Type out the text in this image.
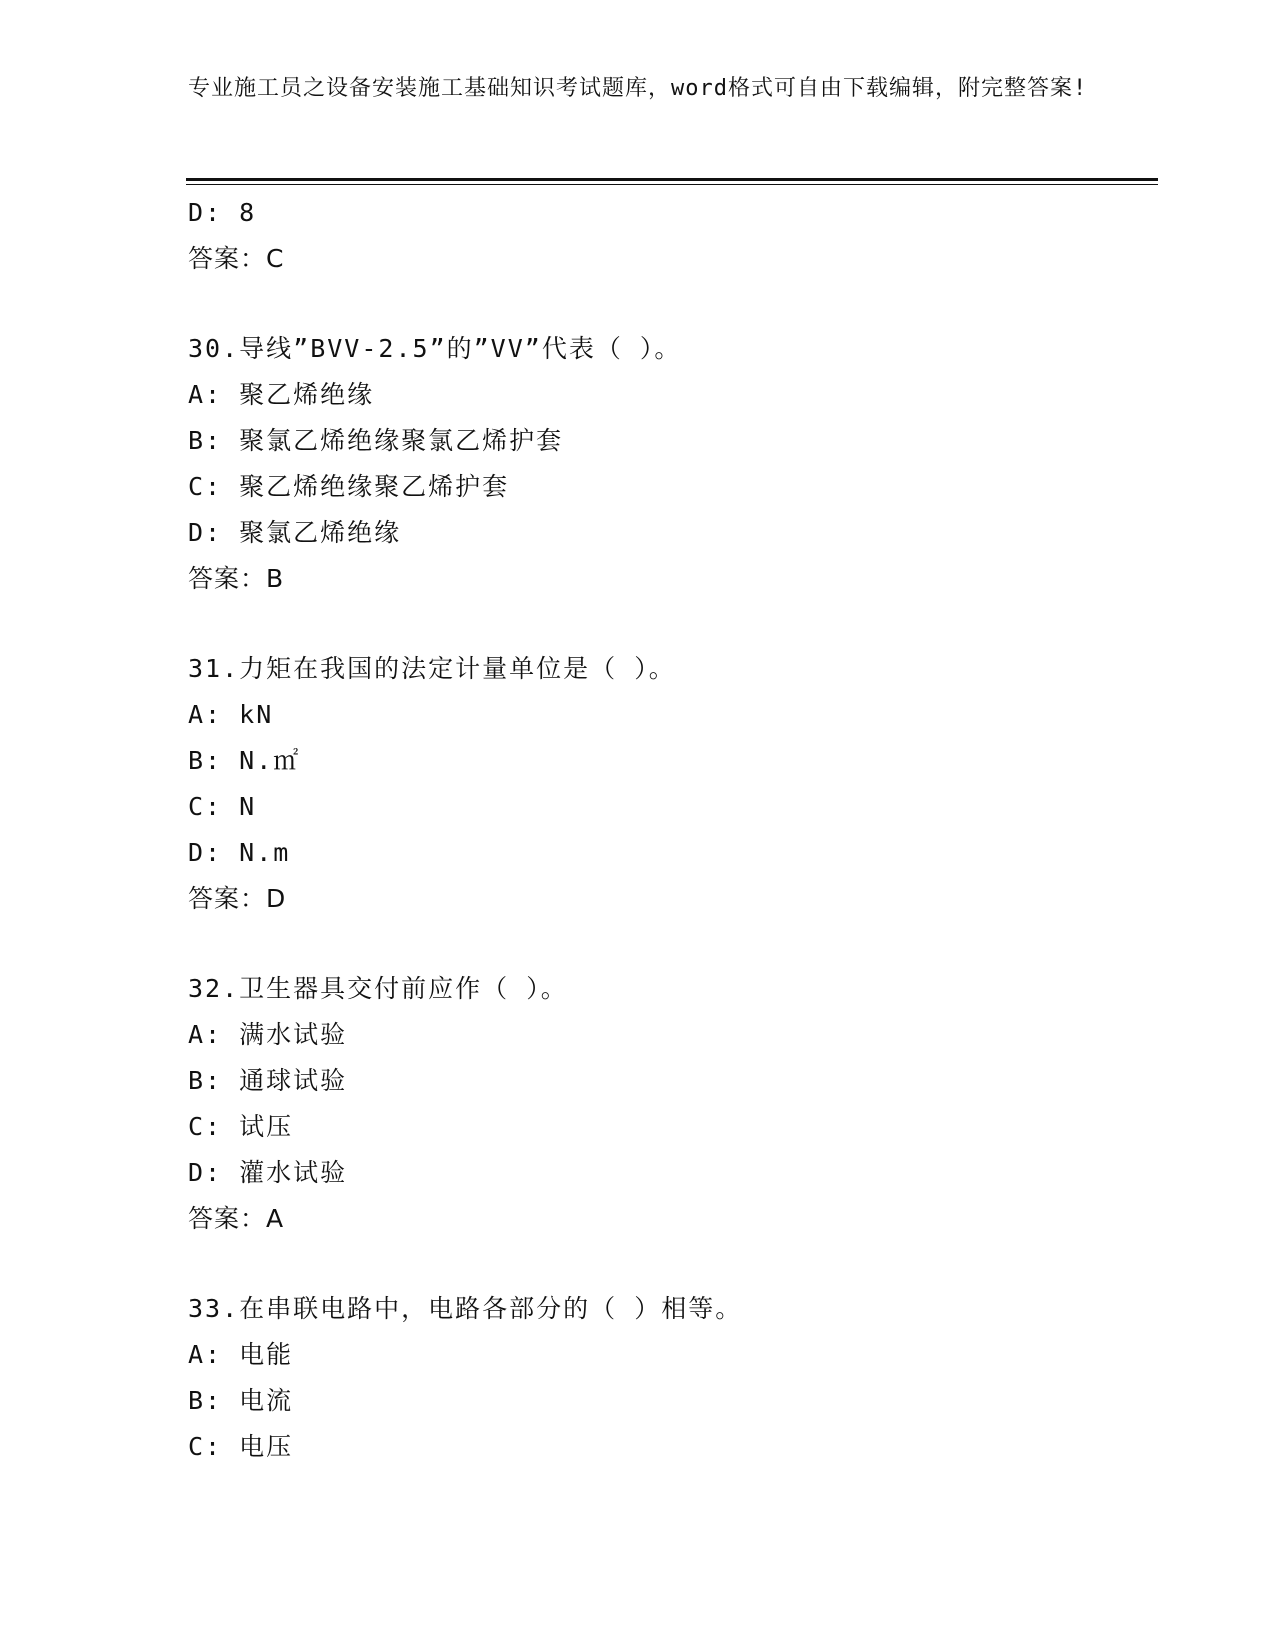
专业施工员之设备安装施工基础知识考试题库，word格式可自由下载编辑，附完整答案!
D: 8
答案：C
30.导线”BVV-2.5”的”VV”代表（ ）。
A: 聚乙烯绝缘
B: 聚氯乙烯绝缘聚氯乙烯护套
C: 聚乙烯绝缘聚乙烯护套
D: 聚氯乙烯绝缘
答案：B
31.力矩在我国的法定计量单位是（ ）。
A: kN
B: N.㎡
C: N
D: N.m
答案：D
32.卫生器具交付前应作（ ）。
A: 满水试验
B: 通球试验
C: 试压
D: 灌水试验
答案：A
33.在串联电路中，电路各部分的（ ）相等。
A: 电能
B: 电流
C: 电压
